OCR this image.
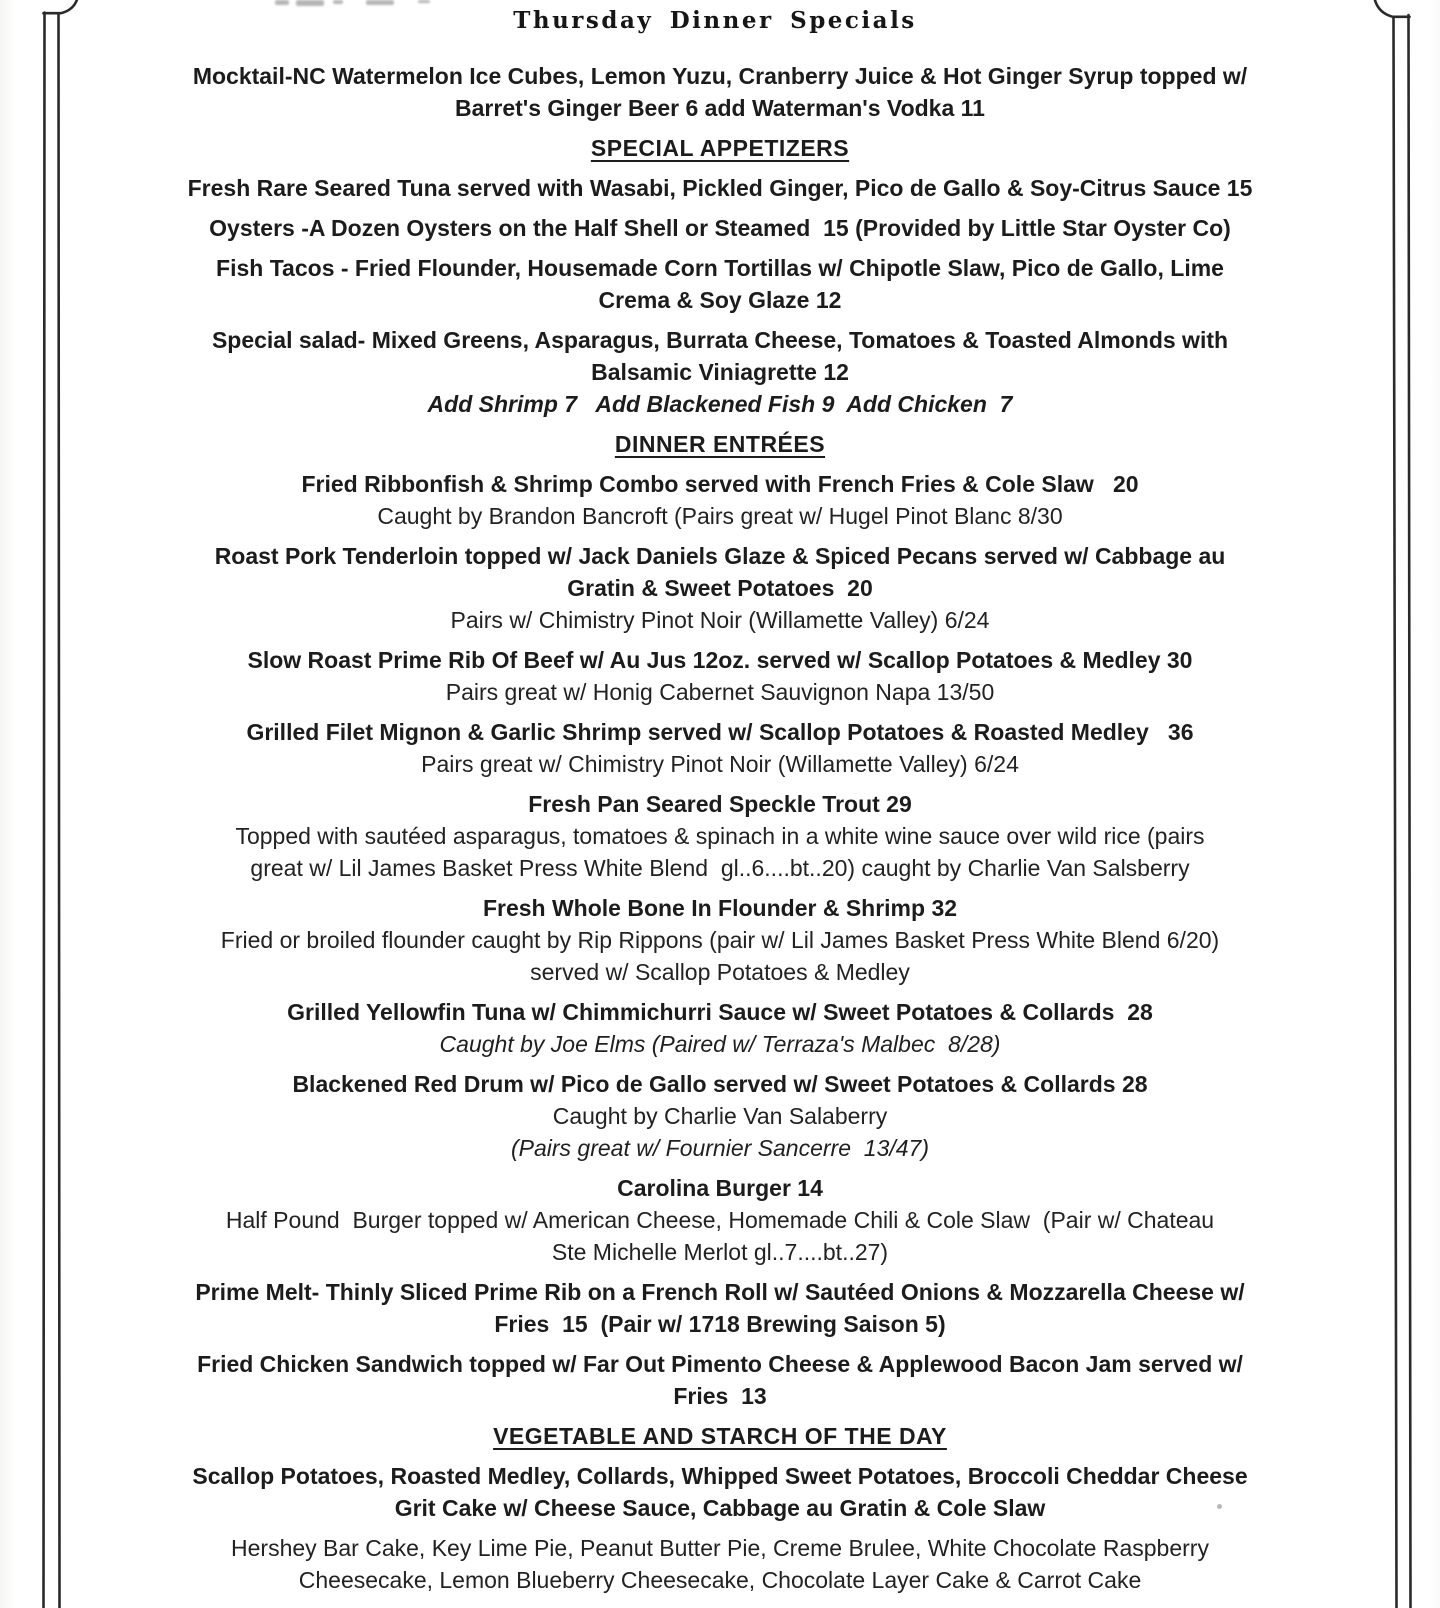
Thursday Dinner Specials
Mocktail-NC Watermelon Ice Cubes, Lemon Yuzu, Cranberry Juice & Hot Ginger Syrup topped w/
Barret's Ginger Beer 6 add Waterman's Vodka 11
SPECIAL APPETIZERS
Fresh Rare Seared Tuna served with Wasabi, Pickled Ginger, Pico de Gallo & Soy-Citrus Sauce 15
Oysters -A Dozen Oysters on the Half Shell or Steamed  15 (Provided by Little Star Oyster Co)
Fish Tacos - Fried Flounder, Housemade Corn Tortillas w/ Chipotle Slaw, Pico de Gallo, Lime
Crema & Soy Glaze 12
Special salad- Mixed Greens, Asparagus, Burrata Cheese, Tomatoes & Toasted Almonds with
Balsamic Viniagrette 12
Add Shrimp 7   Add Blackened Fish 9  Add Chicken  7
DINNER ENTRÉES
Fried Ribbonfish & Shrimp Combo served with French Fries & Cole Slaw   20
Caught by Brandon Bancroft (Pairs great w/ Hugel Pinot Blanc 8/30
Roast Pork Tenderloin topped w/ Jack Daniels Glaze & Spiced Pecans served w/ Cabbage au
Gratin & Sweet Potatoes  20
Pairs w/ Chimistry Pinot Noir (Willamette Valley) 6/24
Slow Roast Prime Rib Of Beef w/ Au Jus 12oz. served w/ Scallop Potatoes & Medley 30
Pairs great w/ Honig Cabernet Sauvignon Napa 13/50
Grilled Filet Mignon & Garlic Shrimp served w/ Scallop Potatoes & Roasted Medley   36
Pairs great w/ Chimistry Pinot Noir (Willamette Valley) 6/24
Fresh Pan Seared Speckle Trout 29
Topped with sautéed asparagus, tomatoes & spinach in a white wine sauce over wild rice (pairs
great w/ Lil James Basket Press White Blend  gl..6....bt..20) caught by Charlie Van Salsberry
Fresh Whole Bone In Flounder & Shrimp 32
Fried or broiled flounder caught by Rip Rippons (pair w/ Lil James Basket Press White Blend 6/20)
served w/ Scallop Potatoes & Medley
Grilled Yellowfin Tuna w/ Chimmichurri Sauce w/ Sweet Potatoes & Collards  28
Caught by Joe Elms (Paired w/ Terraza's Malbec  8/28)
Blackened Red Drum w/ Pico de Gallo served w/ Sweet Potatoes & Collards 28
Caught by Charlie Van Salaberry
(Pairs great w/ Fournier Sancerre  13/47)
Carolina Burger 14
Half Pound  Burger topped w/ American Cheese, Homemade Chili & Cole Slaw  (Pair w/ Chateau
Ste Michelle Merlot gl..7....bt..27)
Prime Melt- Thinly Sliced Prime Rib on a French Roll w/ Sautéed Onions & Mozzarella Cheese w/
Fries  15  (Pair w/ 1718 Brewing Saison 5)
Fried Chicken Sandwich topped w/ Far Out Pimento Cheese & Applewood Bacon Jam served w/
Fries  13
VEGETABLE AND STARCH OF THE DAY
Scallop Potatoes, Roasted Medley, Collards, Whipped Sweet Potatoes, Broccoli Cheddar Cheese
Grit Cake w/ Cheese Sauce, Cabbage au Gratin & Cole Slaw
Hershey Bar Cake, Key Lime Pie, Peanut Butter Pie, Creme Brulee, White Chocolate Raspberry
Cheesecake, Lemon Blueberry Cheesecake, Chocolate Layer Cake & Carrot Cake
